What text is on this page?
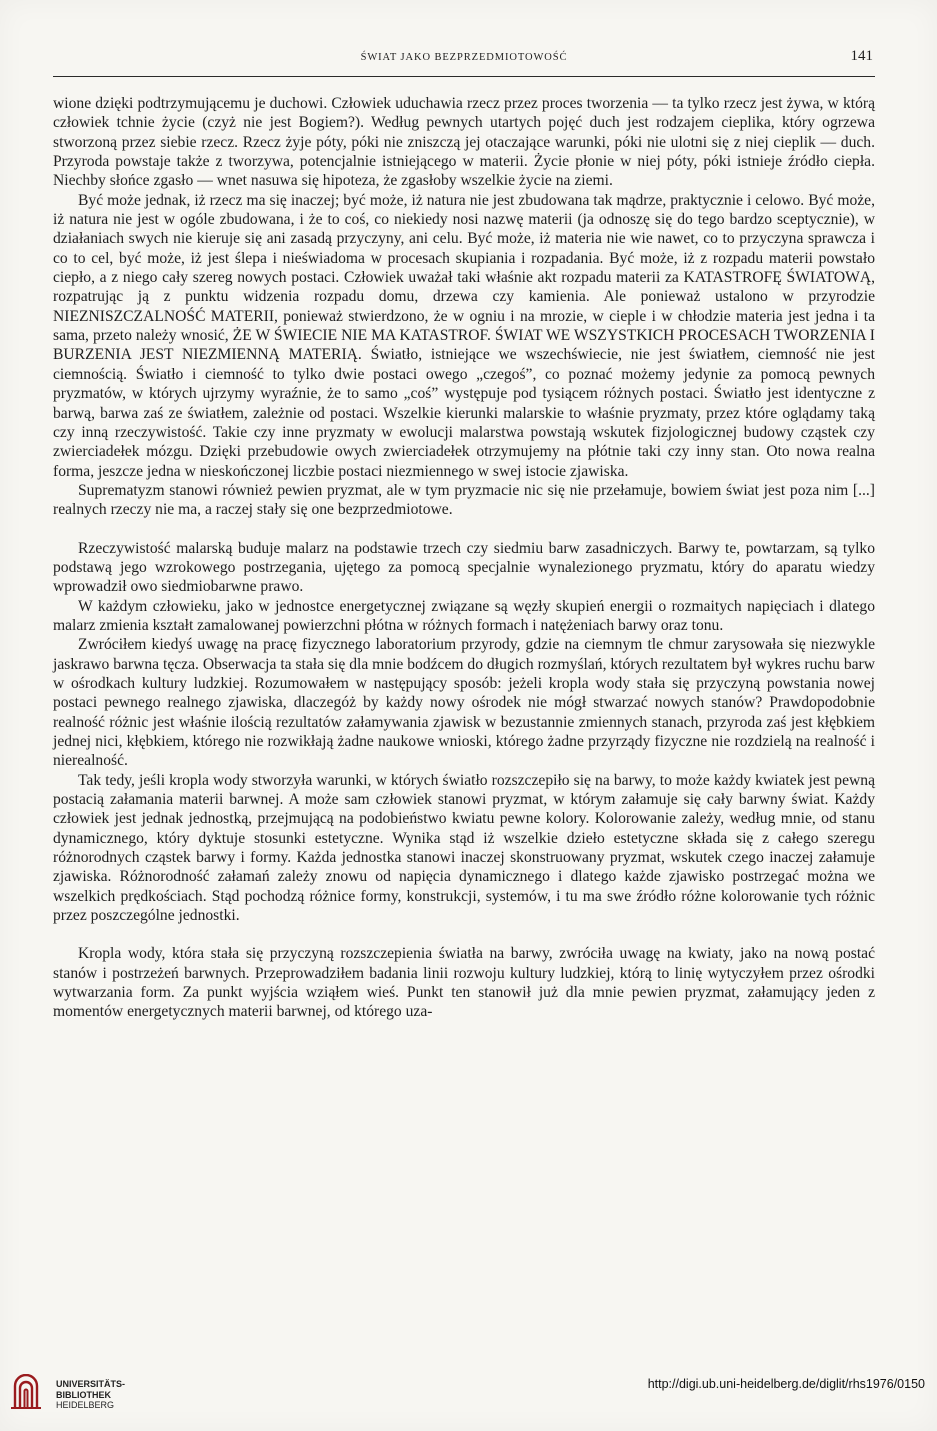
ŚWIAT JAKO BEZPRZEDMIOTOWOŚĆ	141

wione dzięki podtrzymującemu je duchowi. Człowiek uduchawia rzecz przez proces tworzenia — ta tylko rzecz jest żywa, w którą człowiek tchnie życie (czyż nie jest Bogiem?). Według pewnych utartych pojęć duch jest rodzajem cieplika, który ogrzewa stworzoną przez siebie rzecz. Rzecz żyje póty, póki nie zniszczą jej otaczające warunki, póki nie ulotni się z niej cieplik — duch. Przyroda powstaje także z tworzywa, potencjalnie istniejącego w materii. Życie płonie w niej póty, póki istnieje źródło ciepła. Niechby słońce zgasło — wnet nasuwa się hipoteza, że zgasłoby wszelkie życie na ziemi.

Być może jednak, iż rzecz ma się inaczej; być może, iż natura nie jest zbudowana tak mądrze, praktycznie i celowo. Być może, iż natura nie jest w ogóle zbudowana, i że to coś, co niekiedy nosi nazwę materii (ja odnoszę się do tego bardzo sceptycznie), w działaniach swych nie kieruje się ani zasadą przyczyny, ani celu. Być może, iż materia nie wie nawet, co to przyczyna sprawcza i co to cel, być może, iż jest ślepa i nieświadoma w procesach skupiania i rozpadania. Być może, iż z rozpadu materii powstało ciepło, a z niego cały szereg nowych postaci. Człowiek uważał taki właśnie akt rozpadu materii za KATASTROFĘ ŚWIATOWĄ, rozpatrując ją z punktu widzenia rozpadu domu, drzewa czy kamienia. Ale ponieważ ustalono w przyrodzie NIEZNISZCZALNOŚĆ MATERII, ponieważ stwierdzono, że w ogniu i na mrozie, w cieple i w chłodzie materia jest jedna i ta sama, przeto należy wnosić, ŻE W ŚWIECIE NIE MA KATASTROF. ŚWIAT WE WSZYSTKICH PROCESACH TWORZENIA I BURZENIA JEST NIEZMIENNĄ MATERIĄ. Światło, istniejące we wszechświecie, nie jest światłem, ciemność nie jest ciemnością. Światło i ciemność to tylko dwie postaci owego „czegoś”, co poznać możemy jedynie za pomocą pewnych pryzmatów, w których ujrzymy wyraźnie, że to samo „coś” występuje pod tysiącem różnych postaci. Światło jest identyczne z barwą, barwa zaś ze światłem, zależnie od postaci. Wszelkie kierunki malarskie to właśnie pryzmaty, przez które oglądamy taką czy inną rzeczywistość. Takie czy inne pryzmaty w ewolucji malarstwa powstają wskutek fizjologicznej budowy cząstek czy zwierciadełek mózgu. Dzięki przebudowie owych zwierciadełek otrzymujemy na płótnie taki czy inny stan. Oto nowa realna forma, jeszcze jedna w nieskończonej liczbie postaci niezmiennego w swej istocie zjawiska.

Suprematyzm stanowi również pewien pryzmat, ale w tym pryzmacie nic się nie przełamuje, bowiem świat jest poza nim [...] realnych rzeczy nie ma, a raczej stały się one bezprzedmiotowe.

Rzeczywistość malarską buduje malarz na podstawie trzech czy siedmiu barw zasadniczych. Barwy te, powtarzam, są tylko podstawą jego wzrokowego postrzegania, ujętego za pomocą specjalnie wynalezionego pryzmatu, który do aparatu wiedzy wprowadził owo siedmiobarwne prawo.

W każdym człowieku, jako w jednostce energetycznej związane są węzły skupień energii o rozmaitych napięciach i dlatego malarz zmienia kształt zamalowanej powierzchni płótna w różnych formach i natężeniach barwy oraz tonu.

Zwróciłem kiedyś uwagę na pracę fizycznego laboratorium przyrody, gdzie na ciemnym tle chmur zarysowała się niezwykle jaskrawo barwna tęcza. Obserwacja ta stała się dla mnie bodźcem do długich rozmyślań, których rezultatem był wykres ruchu barw w ośrodkach kultury ludzkiej. Rozumowałem w następujący sposób: jeżeli kropla wody stała się przyczyną powstania nowej postaci pewnego realnego zjawiska, dlaczegóż by każdy nowy ośrodek nie mógł stwarzać nowych stanów? Prawdopodobnie realność różnic jest właśnie ilością rezultatów załamywania zjawisk w bezustannie zmiennych stanach, przyroda zaś jest kłębkiem jednej nici, kłębkiem, którego nie rozwikłają żadne naukowe wnioski, którego żadne przyrządy fizyczne nie rozdzielą na realność i nierealność.

Tak tedy, jeśli kropla wody stworzyła warunki, w których światło rozszczepiło się na barwy, to może każdy kwiatek jest pewną postacią załamania materii barwnej. A może sam człowiek stanowi pryzmat, w którym załamuje się cały barwny świat. Każdy człowiek jest jednak jednostką, przejmującą na podobieństwo kwiatu pewne kolory. Kolorowanie zależy, według mnie, od stanu dynamicznego, który dyktuje stosunki estetyczne. Wynika stąd iż wszelkie dzieło estetyczne składa się z całego szeregu różnorodnych cząstek barwy i formy. Każda jednostka stanowi inaczej skonstruowany pryzmat, wskutek czego inaczej załamuje zjawiska. Różnorodność załamań zależy znowu od napięcia dynamicznego i dlatego każde zjawisko postrzegać można we wszelkich prędkościach. Stąd pochodzą różnice formy, konstrukcji, systemów, i tu ma swe źródło różne kolorowanie tych różnic przez poszczególne jednostki.

Kropla wody, która stała się przyczyną rozszczepienia światła na barwy, zwróciła uwagę na kwiaty, jako na nową postać stanów i postrzeżeń barwnych. Przeprowadziłem badania linii rozwoju kultury ludzkiej, którą to linię wytyczyłem przez ośrodki wytwarzania form. Za punkt wyjścia wziąłem wieś. Punkt ten stanowił już dla mnie pewien pryzmat, załamujący jeden z momentów energetycznych materii barwnej, od którego uza-

UNIVERSITÄTS-
BIBLIOTHEK
HEIDELBERG
http://digi.ub.uni-heidelberg.de/diglit/rhs1976/0150
